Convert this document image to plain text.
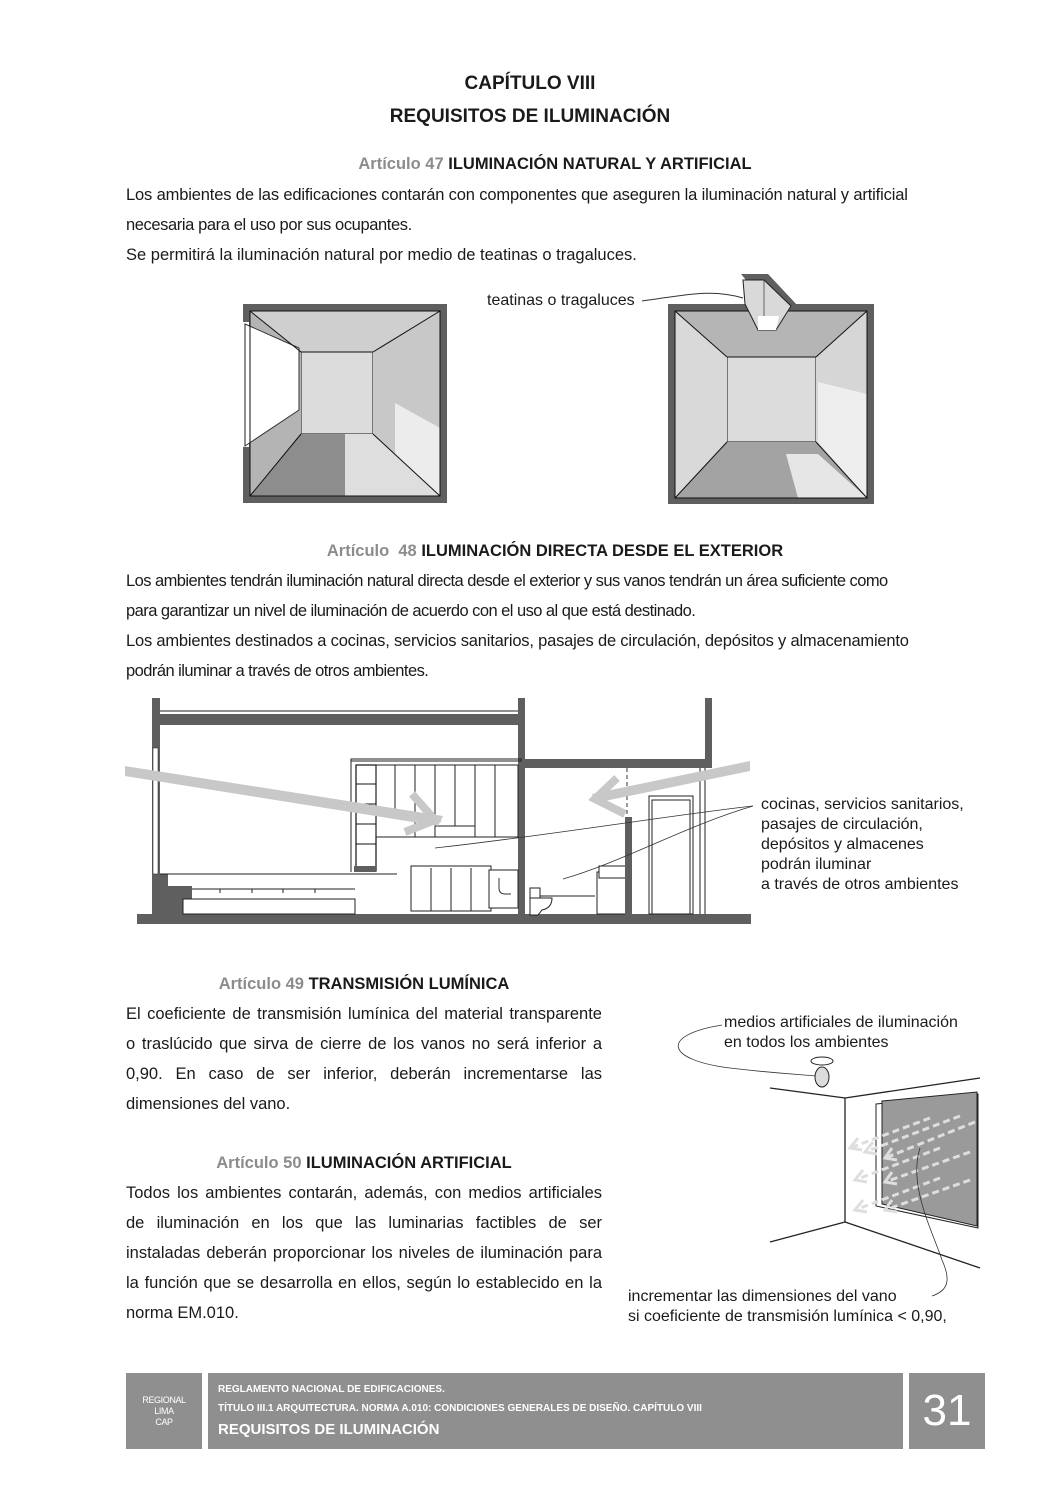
CAPÍTULO VIII
REQUISITOS DE ILUMINACIÓN
Artículo 47 ILUMINACIÓN NATURAL Y ARTIFICIAL

Los ambientes de las edificaciones contarán con componentes que aseguren la iluminación natural y artificial

necesaria para el uso por sus ocupantes.

Se permitirá la iluminación natural por medio de teatinas o tragaluces.

teatinas o tragaluces
Artículo  48 ILUMINACIÓN DIRECTA DESDE EL EXTERIOR

Los ambientes tendrán iluminación natural directa desde el exterior y sus vanos tendrán un área suficiente como

para garantizar un nivel de iluminación de acuerdo con el uso al que está destinado.

Los ambientes destinados a cocinas, servicios sanitarios, pasajes de circulación, depósitos y almacenamiento

podrán iluminar a través de otros ambientes.

cocinas, servicios sanitarios,
pasajes de circulación,
depósitos y almacenes
podrán iluminar
a través de otros ambientes
Artículo 49 TRANSMISIÓN LUMÍNICA
El coeficiente de transmisión lumínica del material transparente o traslúcido que sirva de cierre de los vanos no será inferior a 0,90. En caso de ser inferior, deberán incrementarse las dimensiones del vano.
Artículo 50 ILUMINACIÓN ARTIFICIAL
Todos los ambientes contarán, además, con medios artificiales de iluminación en los que las luminarias factibles de ser instaladas deberán proporcionar los niveles de iluminación para la función que se desarrolla en ellos, según lo establecido en la norma EM.010.
medios artificiales de iluminación
en todos los ambientes
incrementar las dimensiones del vano
si coeficiente de transmisión lumínica < 0,90,
REGIONAL
LIMA
CAP
REGLAMENTO NACIONAL DE EDIFICACIONES.
TÍTULO III.1 ARQUITECTURA. NORMA A.010: CONDICIONES GENERALES DE DISEÑO. CAPÍTULO VIII
REQUISITOS DE ILUMINACIÓN	31
